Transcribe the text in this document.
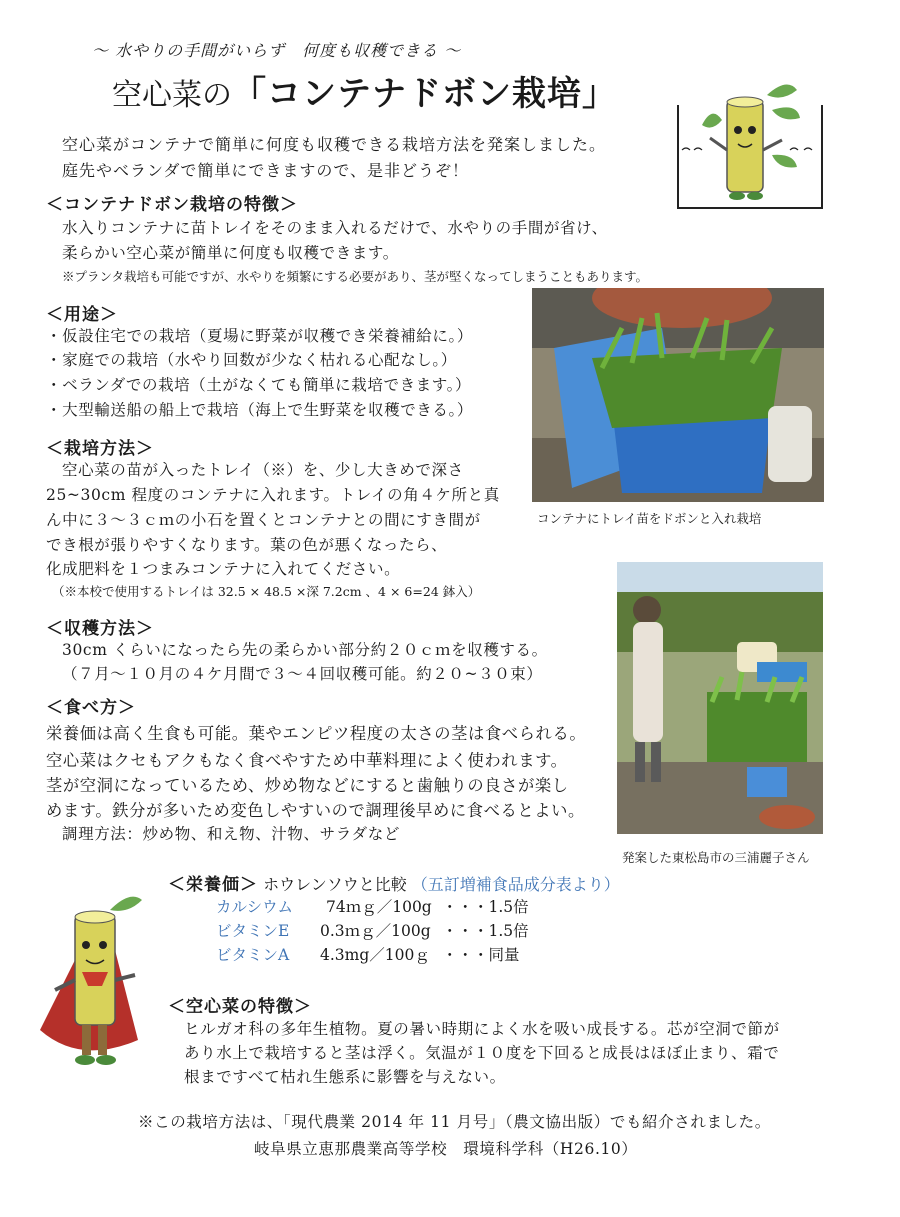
～ 水やりの手間がいらず　何度も収穫できる ～
空心菜の「コンテナドボン栽培」
空心菜がコンテナで簡単に何度も収穫できる栽培方法を発案しました。
庭先やベランダで簡単にできますので、是非どうぞ！
＜コンテナドボン栽培の特徴＞
水入りコンテナに苗トレイをそのまま入れるだけで、水やりの手間が省け、
柔らかい空心菜が簡単に何度も収穫できます。
※プランタ栽培も可能ですが、水やりを頻繁にする必要があり、茎が堅くなってしまうこともあります。
＜用途＞
・仮設住宅での栽培（夏場に野菜が収穫でき栄養補給に。）
・家庭での栽培（水やり回数が少なく枯れる心配なし。）
・ベランダでの栽培（土がなくても簡単に栽培できます。）
・大型輸送船の船上で栽培（海上で生野菜を収穫できる。）
コンテナにトレイ苗をドボンと入れ栽培
＜栽培方法＞
空心菜の苗が入ったトレイ（※）を、少し大きめで深さ
25~30cm 程度のコンテナに入れます。トレイの角４ケ所と真
ん中に３～３ｃｍの小石を置くとコンテナとの間にすき間が
でき根が張りやすくなります。葉の色が悪くなったら、
化成肥料を１つまみコンテナに入れてください。
（※本校で使用するトレイは 32.5 × 48.5 ×深 7.2cm 、4 × 6=24 鉢入）
発案した東松島市の三浦麗子さん
＜収穫方法＞
30cm くらいになったら先の柔らかい部分約２０ｃｍを収穫する。
（７月～１０月の４ケ月間で３～４回収穫可能。約２０~３０束）
＜食べ方＞
栄養価は高く生食も可能。葉やエンピツ程度の太さの茎は食べられる。
空心菜はクセもアクもなく食べやすため中華料理によく使われます。
茎が空洞になっているため、炒め物などにすると歯触りの良さが楽し
めます。鉄分が多いため変色しやすいので調理後早めに食べるとよい。
調理方法：炒め物、和え物、汁物、サラダなど
＜栄養価＞ ホウレンソウと比較 （五訂増補食品成分表より）
カルシウム 74ｍｇ／100g ・・・1.5倍
ビタミンE 0.3ｍｇ／100g ・・・1.5倍
ビタミンA 4.3mg／100ｇ ・・・同量
＜空心菜の特徴＞
ヒルガオ科の多年生植物。夏の暑い時期によく水を吸い成長する。芯が空洞で節が
あり水上で栽培すると茎は浮く。気温が１０度を下回ると成長はほぼ止まり、霜で
根まですべて枯れ生態系に影響を与えない。
※この栽培方法は、「現代農業 2014 年 11 月号」（農文協出版）でも紹介されました。
岐阜県立恵那農業高等学校　環境科学科（H26.10）
